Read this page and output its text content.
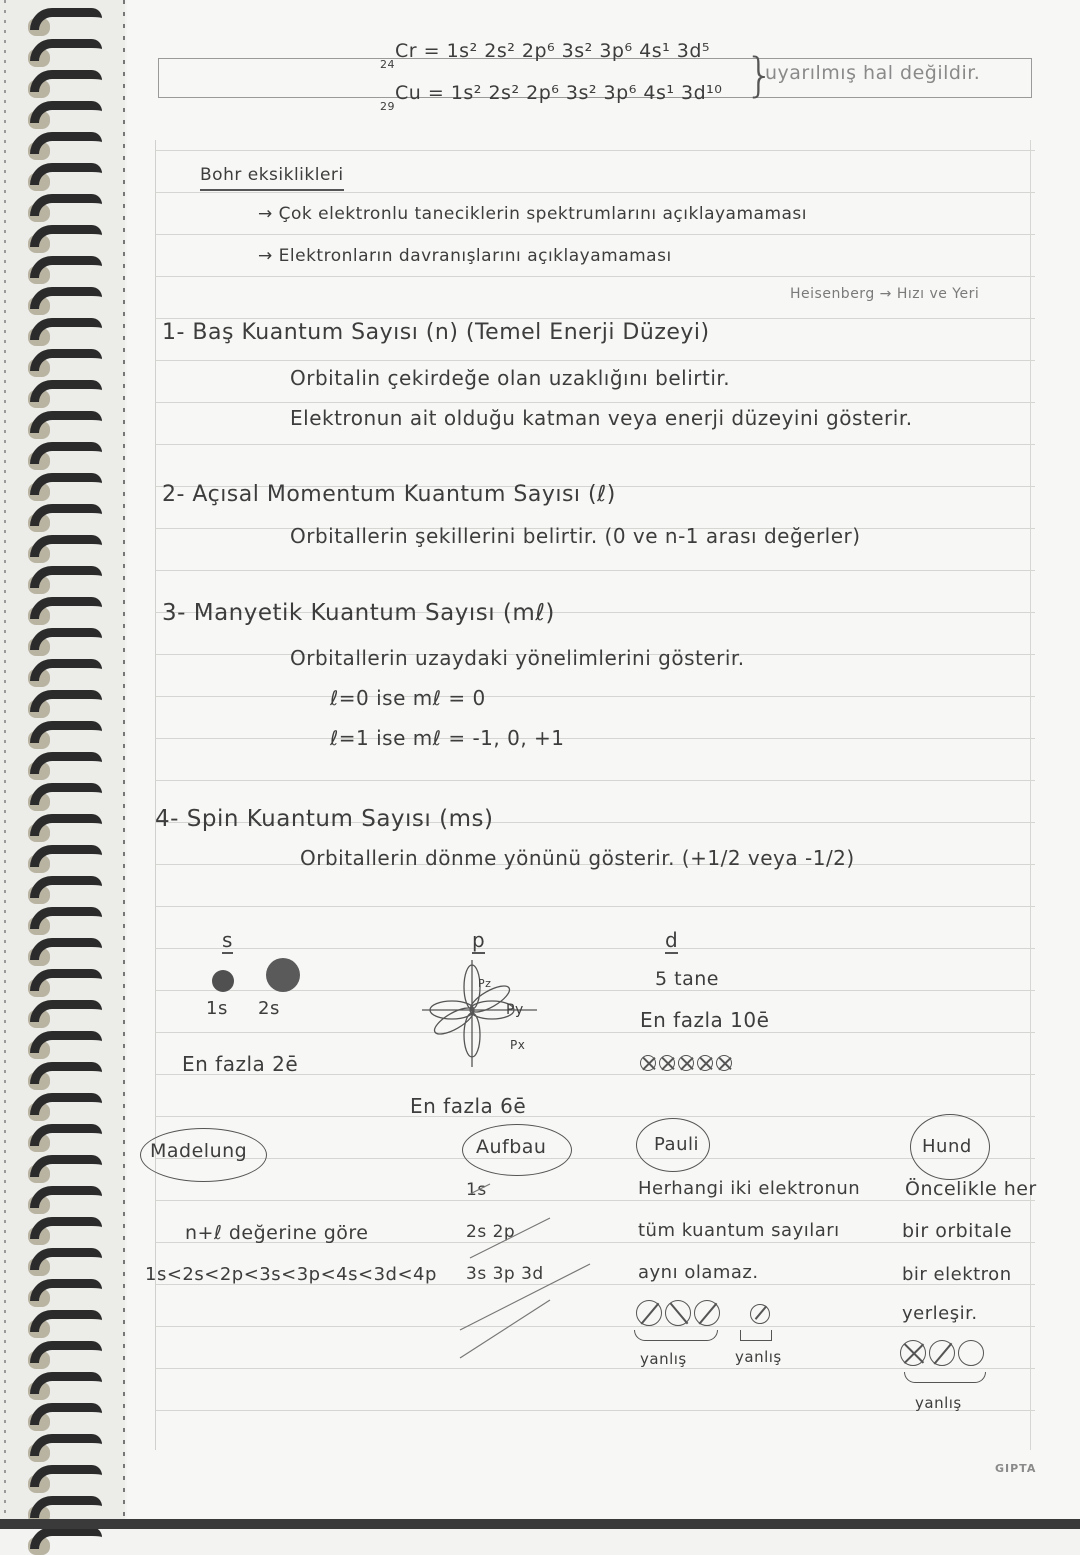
$_{24}$Cr = 1s² 2s² 2p⁶ 3s² 3p⁶ 4s¹ 3d⁵
$_{29}$Cu = 1s² 2s² 2p⁶ 3s² 3p⁶ 4s¹ 3d¹⁰ }
uyarılmış hal değildir.
Bohr eksiklikleri
→ Çok elektronlu taneciklerin spektrumlarını açıklayamaması
→ Elektronların davranışlarını açıklayamaması
Heisenberg → Hızı ve Yeri
1- Baş Kuantum Sayısı (n) (Temel Enerji Düzeyi)
Orbitalin çekirdeğe olan uzaklığını belirtir.
Elektronun ait olduğu katman veya enerji düzeyini gösterir.
2- Açısal Momentum Kuantum Sayısı (ℓ)
Orbitallerin şekillerini belirtir. (0 ve n-1 arası değerler)
3- Manyetik Kuantum Sayısı (mℓ)
Orbitallerin uzaydaki yönelimlerini gösterir.
ℓ=0 ise mℓ = 0
ℓ=1 ise mℓ = -1, 0, +1
4- Spin Kuantum Sayısı (ms)
Orbitallerin dönme yönünü gösterir. (+1/2 veya -1/2)
s
1s 2s
En fazla 2ē
p
Pz
Py
Px
En fazla 6ē
d
5 tane
En fazla 10ē
Madelung
n+ℓ değerine göre
1s<2s<2p<3s<3p<4s<3d<4p
Aufbau
1s
2s 2p
3s 3p 3d
Pauli
Herhangi iki elektronun
tüm kuantum sayıları
aynı olamaz.
yanlış	yanlış
Hund
Öncelikle her
bir orbitale
bir elektron
yerleşir.
yanlış
GIPTA
